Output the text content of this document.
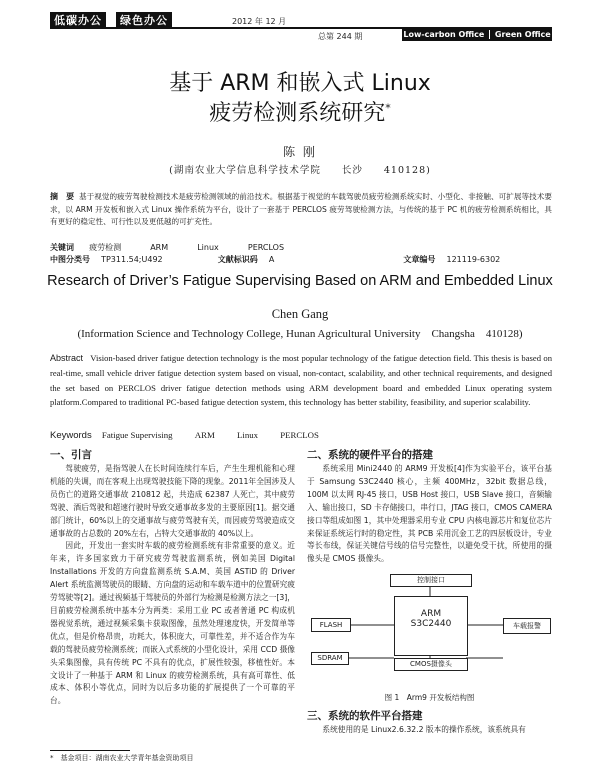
低碳办公	绿色办公	2012 年 12 月
总第 244 期	Low-carbon Office Green Office
基于 ARM 和嵌入式 Linux
疲劳检测系统研究*
陈 刚
(湖南农业大学信息科学技术学院　　长沙　　410128)
摘　要 基于视觉的疲劳驾驶检测技术是疲劳检测领域的前沿技术。根据基于视觉的车载驾驶员疲劳检测系统实时、小型化、非接触、可扩展等技术要求，以 ARM 开发板和嵌入式 Linux 操作系统为平台，设计了一套基于 PERCLOS 疲劳驾驶检测方法，与传统的基于 PC 机的疲劳检测系统相比，具有更好的稳定性、可行性以及更低越的可扩充性。
关键词 疲劳检测	ARM	Linux	PERCLOS
中图分类号 TP311.54;U492	文献标识码 A	文章编号 121119-6302
Research of Driver’s Fatigue Supervising Based on ARM and Embedded Linux
Chen Gang
(Information Science and Technology College, Hunan Agricultural University　Changsha　410128)
Abstract Vision-based driver fatigue detection technology is the most popular technology of the fatigue detection field. This thesis is based on real-time, small vehicle driver fatigue detection system based on visual, non-contact, scalability, and other technical requirements, and designed the set based on PERCLOS driver fatigue detection methods using ARM development board and embedded Linux operating system platform.Compared to traditional PC-based fatigue detection system, this technology has better stability, feasibility, and superior scalability.
Keywords Fatigue Supervising	ARM	Linux	PERCLOS
一、引言

驾驶疲劳，是指驾驶人在长时间连续行车后，产生生理机能和心理机能的失调，而在客观上出现驾驶技能下降的现象。2011年全国涉及人员伤亡的道路交通事故 210812 起，共造成 62387 人死亡，其中疲劳驾驶、酒后驾驶和超速行驶时导致交通事故多发的主要原因[1]。据交通部门统计，60%以上的交通事故与疲劳驾驶有关，而因疲劳驾驶造成交通事故的占总数的 20%左右，占特大交通事故的 40%以上。

因此，开发出一套实时车载的疲劳检测系统有非常重要的意义。近年来，许多国家致力于研究疲劳驾驶监测系统，例如美国 Digital Installations 开发的方向盘监测系统 S.A.M、英国 ASTiD 的 Driver Alert 系统监测驾驶员的眼睛、方向盘的运动和车载车道中的位置研究疲劳驾驶等[2]。通过视频基于驾驶员的外部行为检测是检测方法之一[3]，目前疲劳检测系统中基本分为两类：采用工业 PC 或者普通 PC 构成机器视觉系统，通过视频采集卡获取图像，虽然处理速度快，开发简单等优点，但是价格昂贵，功耗大，体积庞大，可靠性差，并不适合作为车载的驾驶员疲劳检测系统；而嵌入式系统的小型化设计，采用 CCD 摄像头采集图像，具有传统 PC 不具有的优点，扩展性较强，移植性好。本文设计了一种基于 ARM 和 Linux 的疲劳检测系统，具有高可靠性、低成本、体积小等优点，同时为以后多功能的扩展提供了一个可靠的平台。

二、系统的硬件平台的搭建

系统采用 Mini2440 的 ARM9 开发板[4]作为实验平台，该平台基于 Samsung S3C2440 核心，主频 400MHz，32bit 数据总线，100M 以太网 RJ-45 接口，USB Host 接口，USB Slave 接口，音频输入、输出接口，SD 卡存储接口，串行口，JTAG 接口，CMOS CAMERA 接口等组成如图 1，其中处理器采用专业 CPU 内核电源芯片和复位芯片来保证系统运行时的稳定性，其 PCB 采用沉金工艺的四层板设计，专业等长布线，保证关键信号线的信号完整性，以避免受干扰，所使用的摄像头是 CMOS 摄像头。

控制接口
ARM
S3C2440
FLASH	车载报警
SDRAM
CMOS摄像头
图 1　Arm9 开发板结构图
三、系统的软件平台搭建

系统使用的是 Linux2.6.32.2 版本的操作系统，该系统具有

*　基金项目：湖南农业大学青年基金资助项目
